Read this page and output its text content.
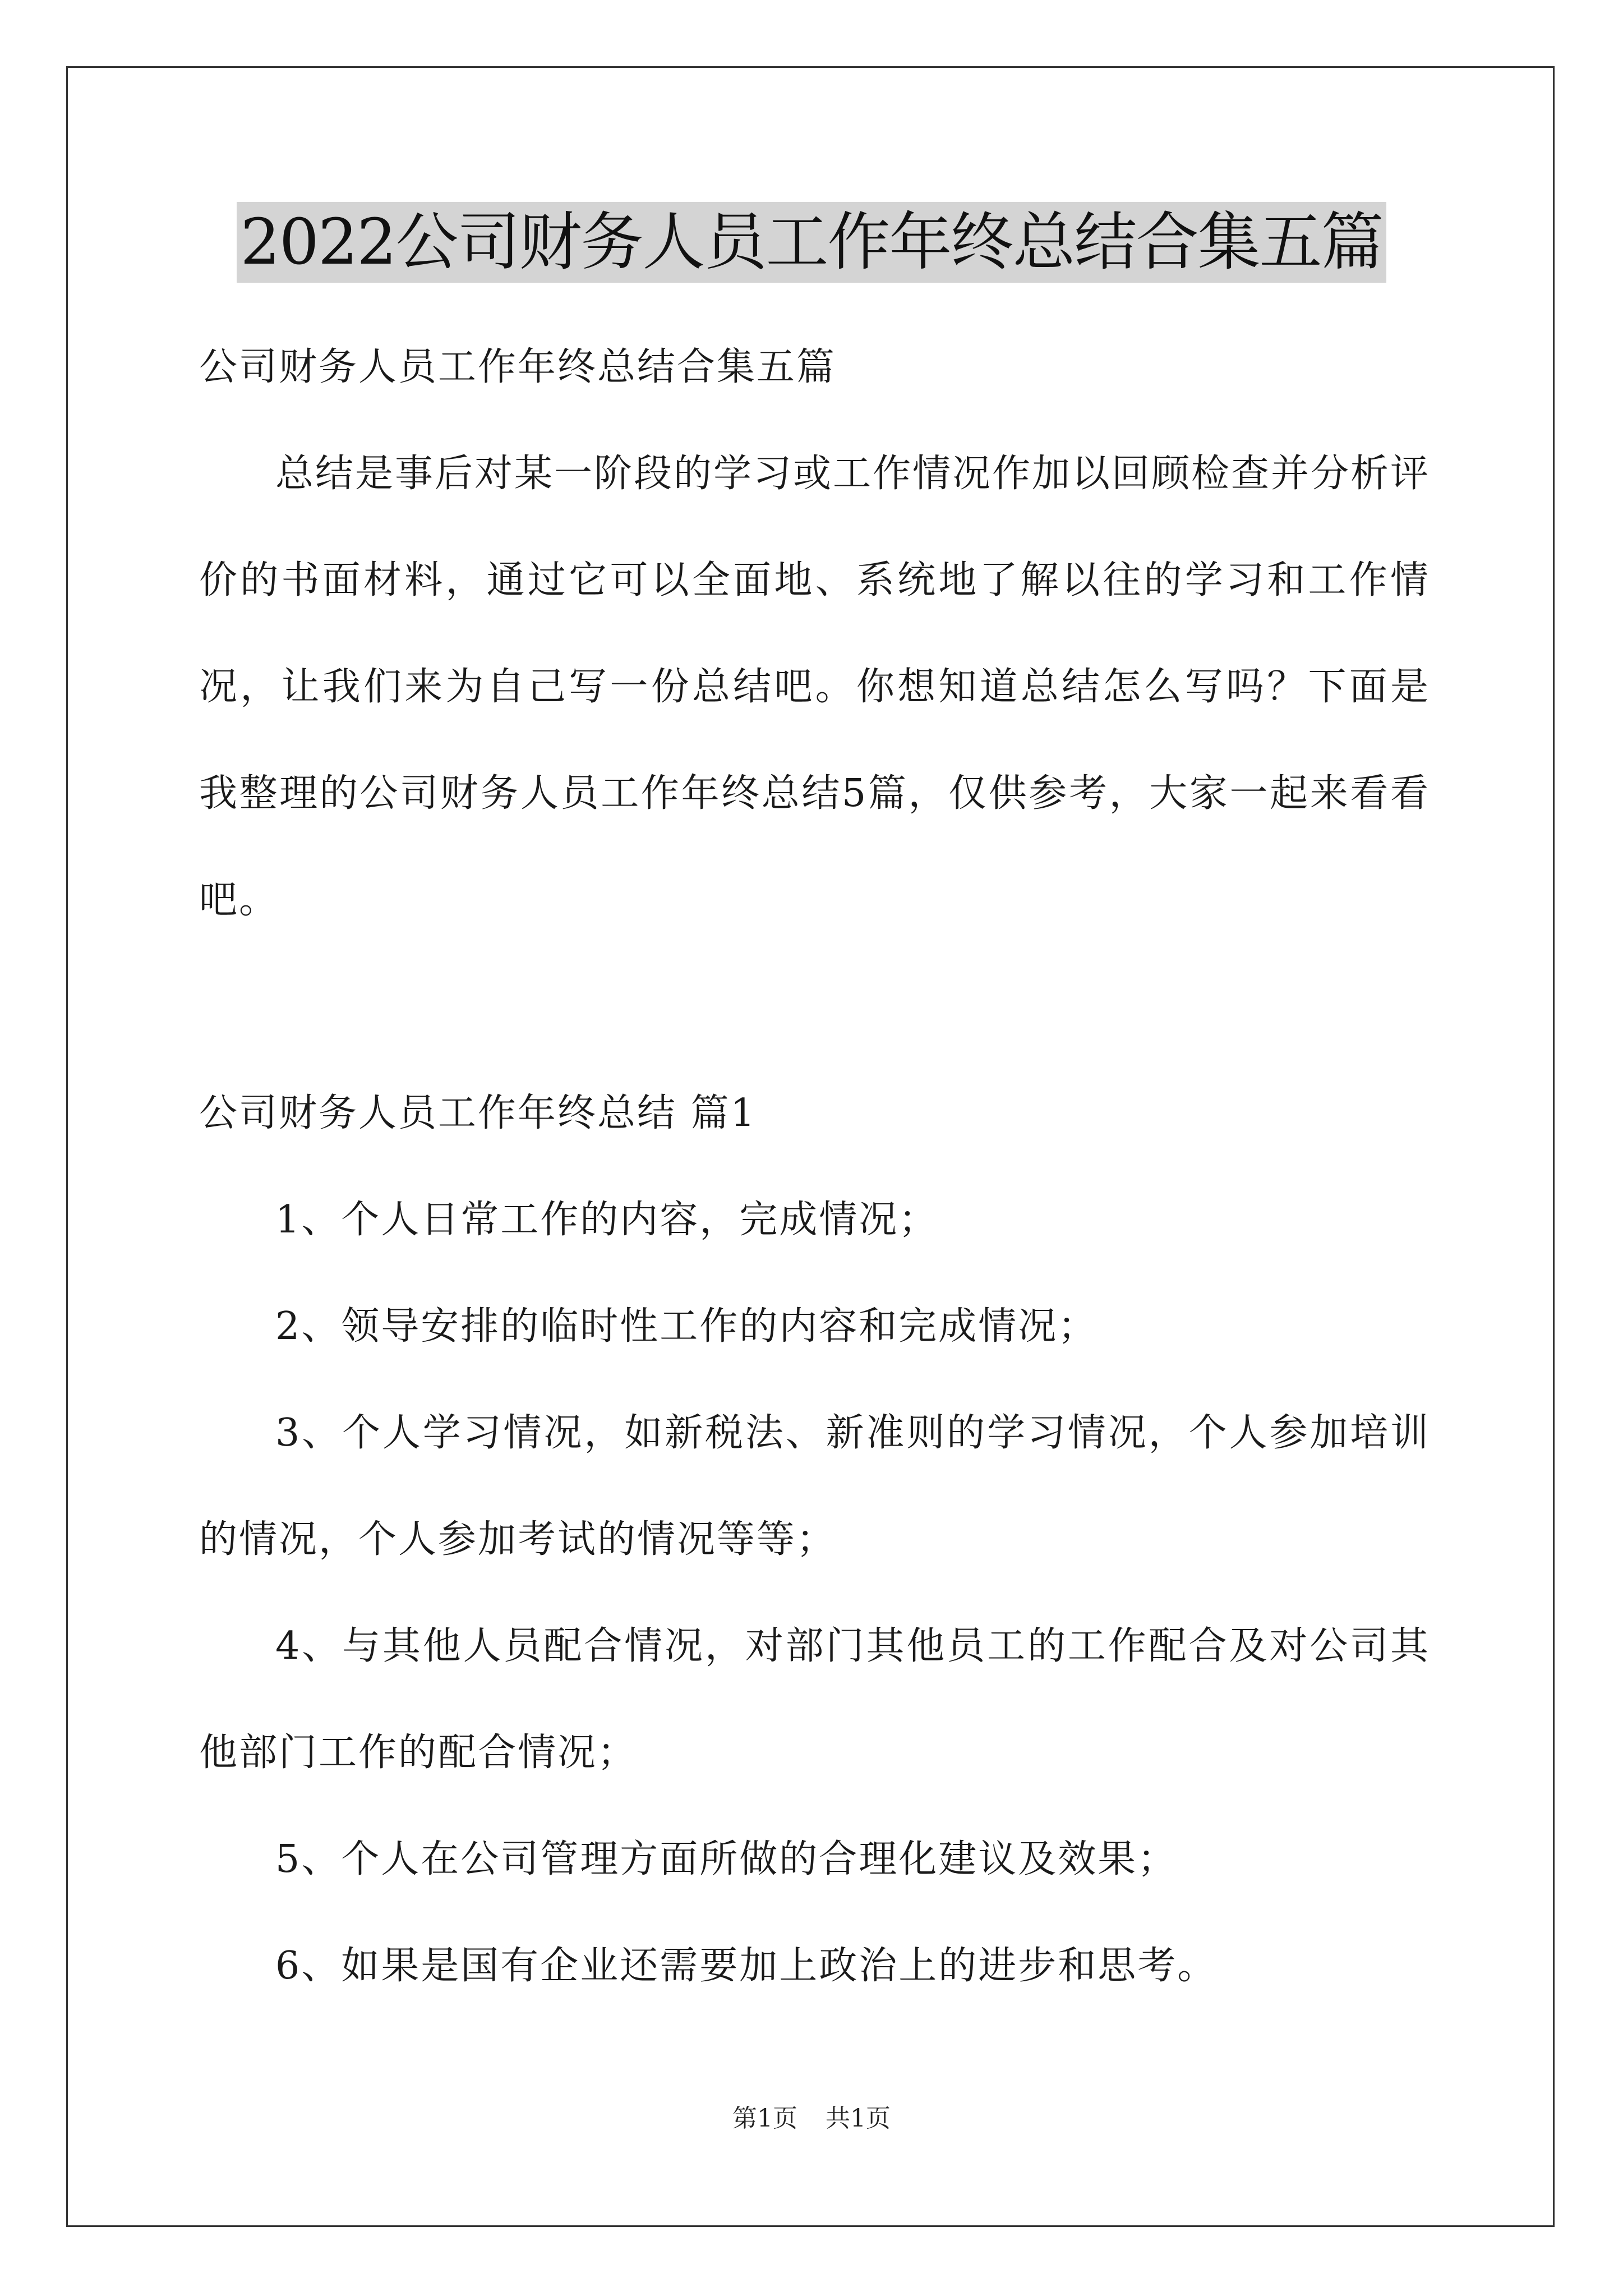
2022公司财务人员工作年终总结合集五篇

公司财务人员工作年终总结合集五篇

总结是事后对某一阶段的学习或工作情况作加以回顾检查并分析评价的书面材料，通过它可以全面地、系统地了解以往的学习和工作情况，让我们来为自己写一份总结吧。你想知道总结怎么写吗？下面是我整理的公司财务人员工作年终总结5篇，仅供参考，大家一起来看看吧。

公司财务人员工作年终总结 篇1

1、个人日常工作的内容，完成情况；

2、领导安排的临时性工作的内容和完成情况；

3、个人学习情况，如新税法、新准则的学习情况，个人参加培训的情况，个人参加考试的情况等等；

4、与其他人员配合情况，对部门其他员工的工作配合及对公司其他部门工作的配合情况；

5、个人在公司管理方面所做的合理化建议及效果；

6、如果是国有企业还需要加上政治上的进步和思考。

第1页 共1页
